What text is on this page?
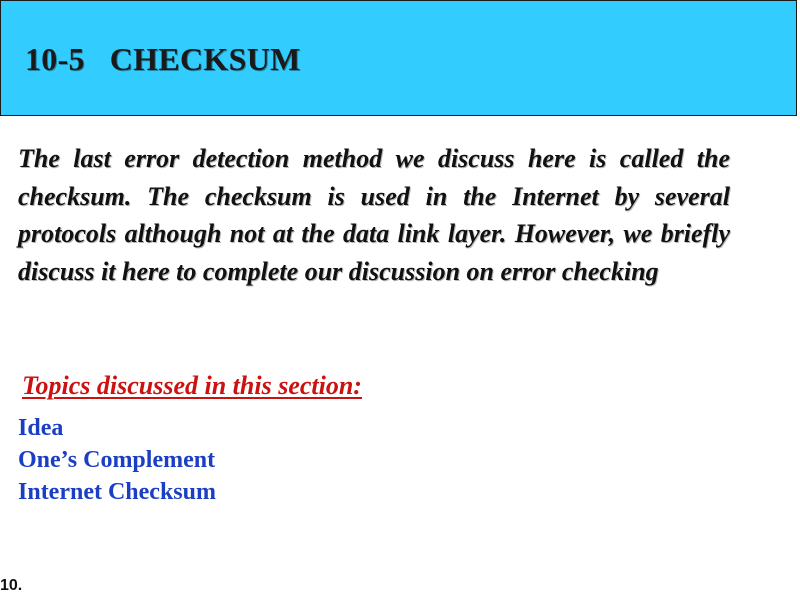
10-5   CHECKSUM

The last error detection method we discuss here is called the checksum. The checksum is used in the Internet by several protocols although not at the data link layer. However, we briefly discuss it here to complete our discussion on error checking

Topics discussed in this section:
Idea
One’s Complement
Internet Checksum
10.
